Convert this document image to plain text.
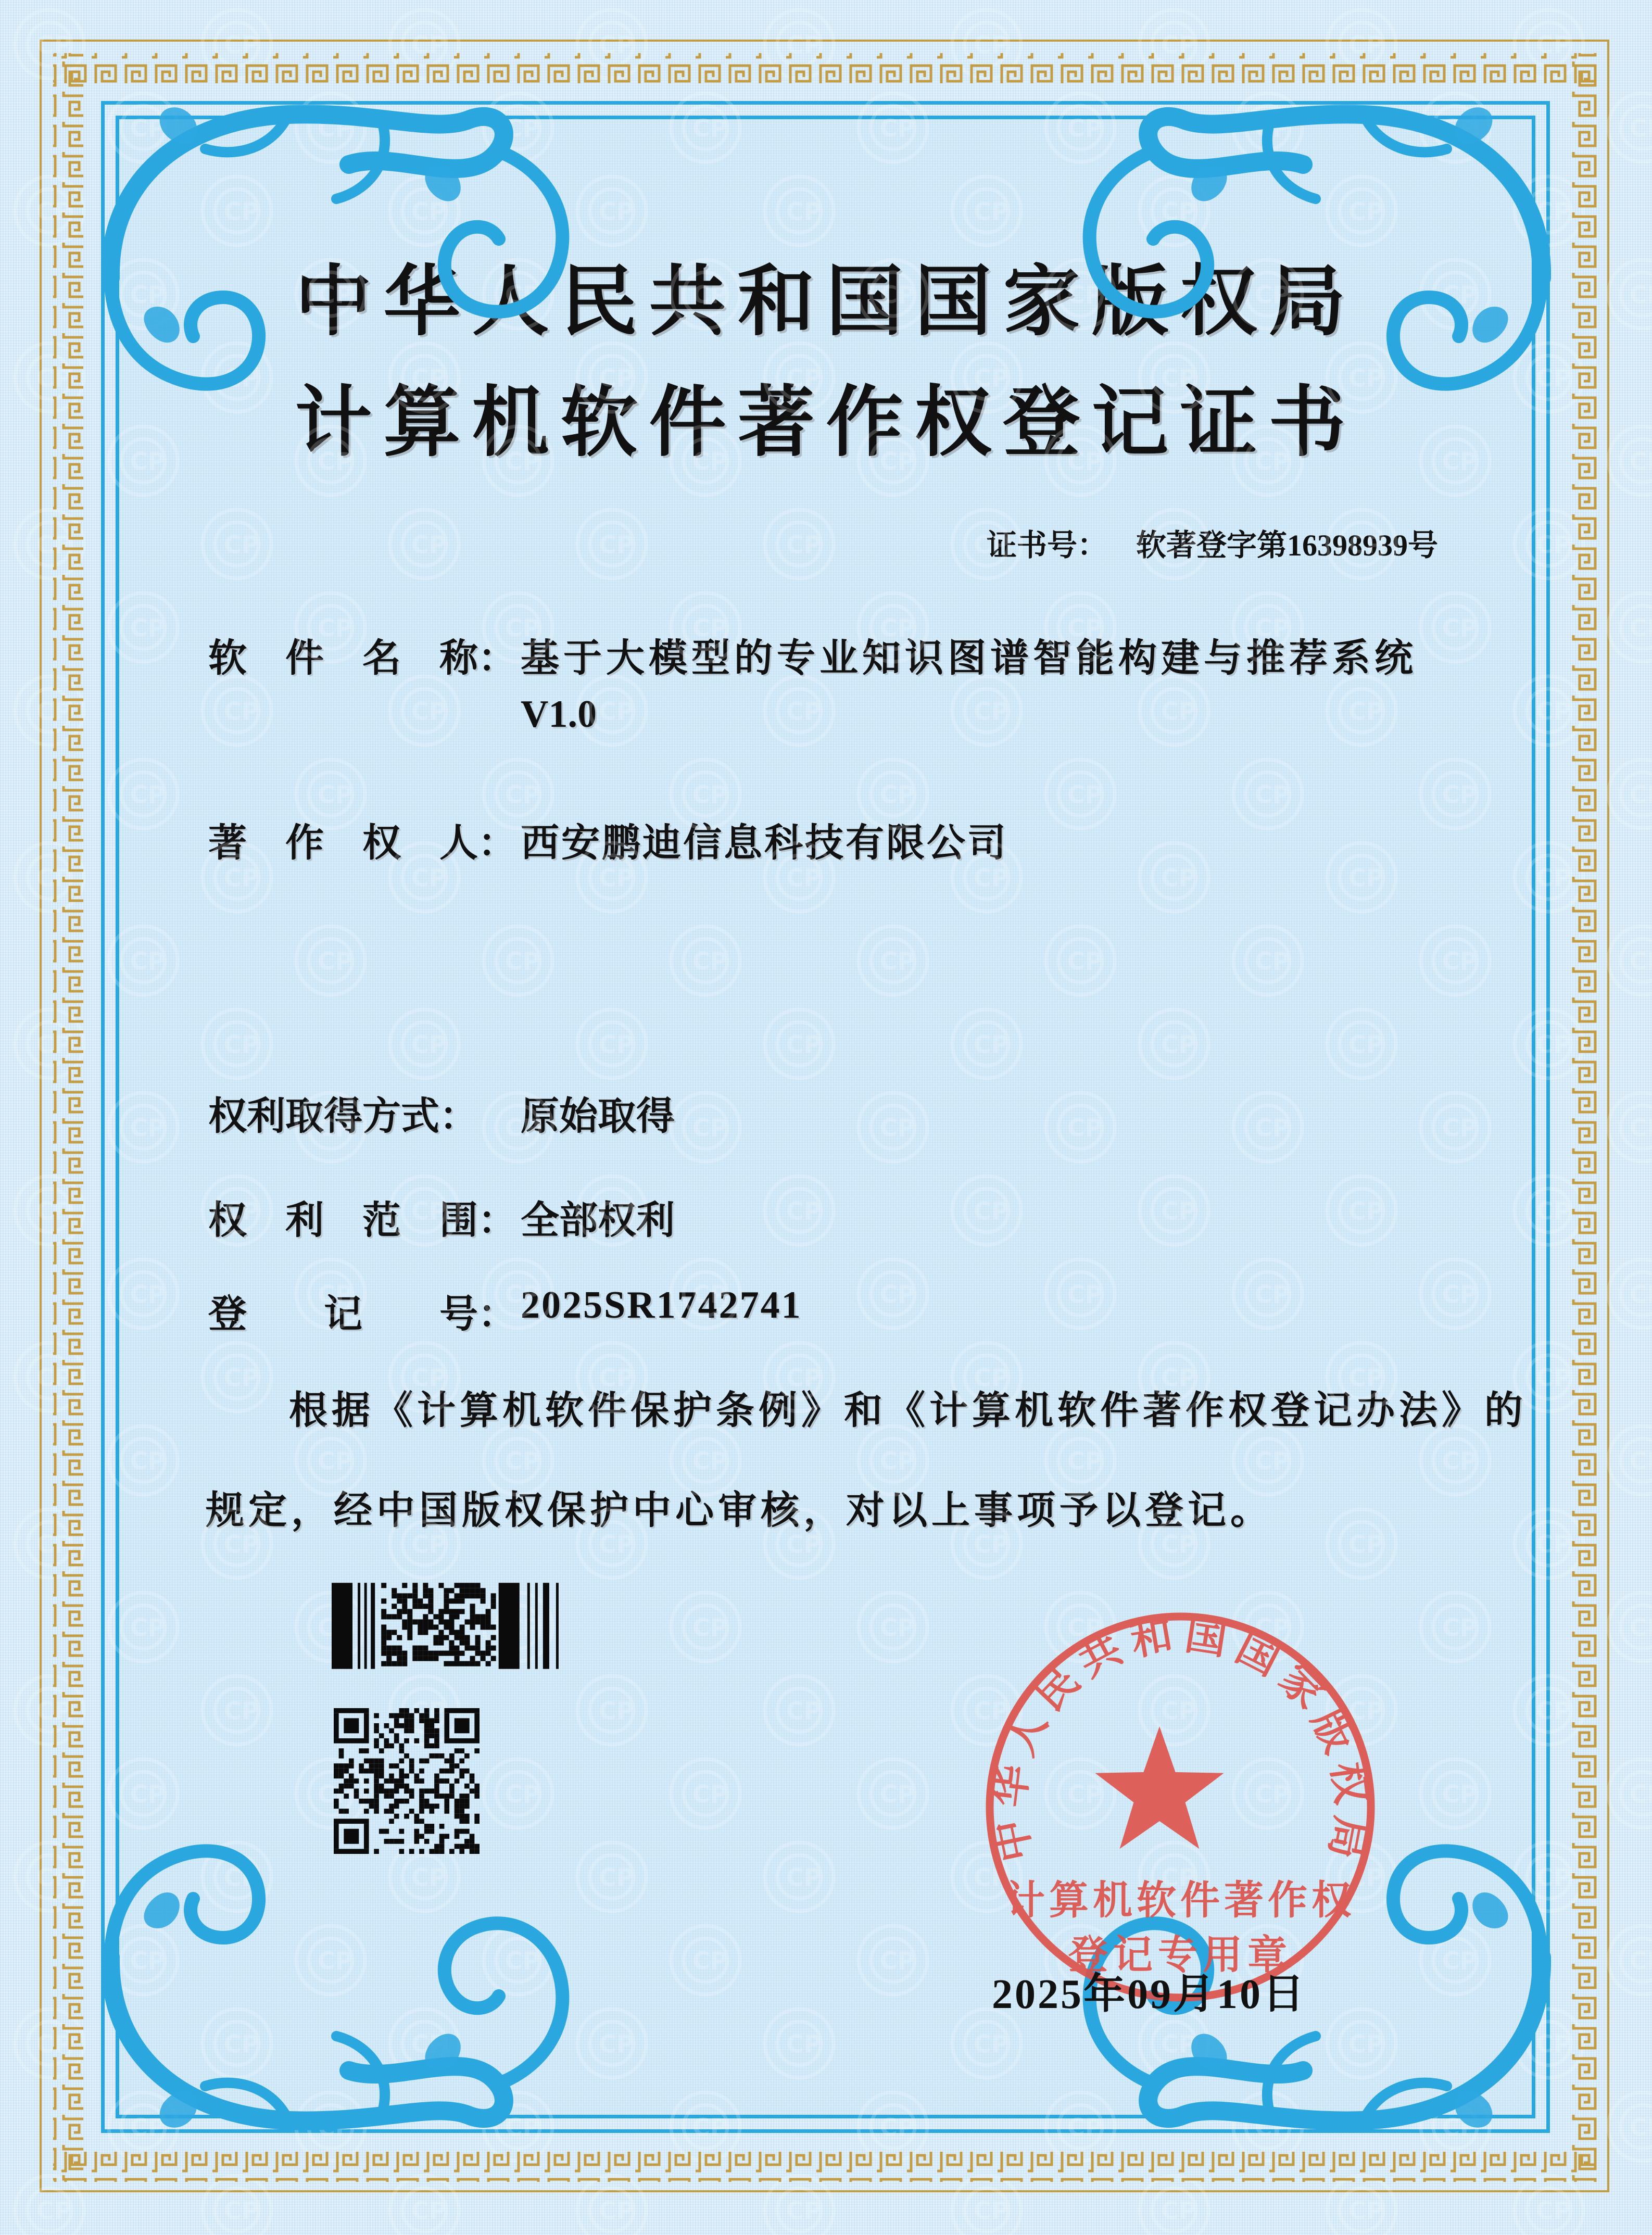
中华人民共和国国家版权局
计算机软件著作权登记证书
证书号： 软著登字第16398939号
软　件　名　称： 基于大模型的专业知识图谱智能构建与推荐系统
V1.0
著　作　权　人： 西安鹏迪信息科技有限公司
权利取得方式： 原始取得
权　利　范　围： 全部权利
登　　记　　号： 2025SR1742741
根据《计算机软件保护条例》和《计算机软件著作权登记办法》的
规定，经中国版权保护中心审核，对以上事项予以登记。
中华人民共和国国家版权局
计算机软件著作权
登记专用章
2025年09月10日
